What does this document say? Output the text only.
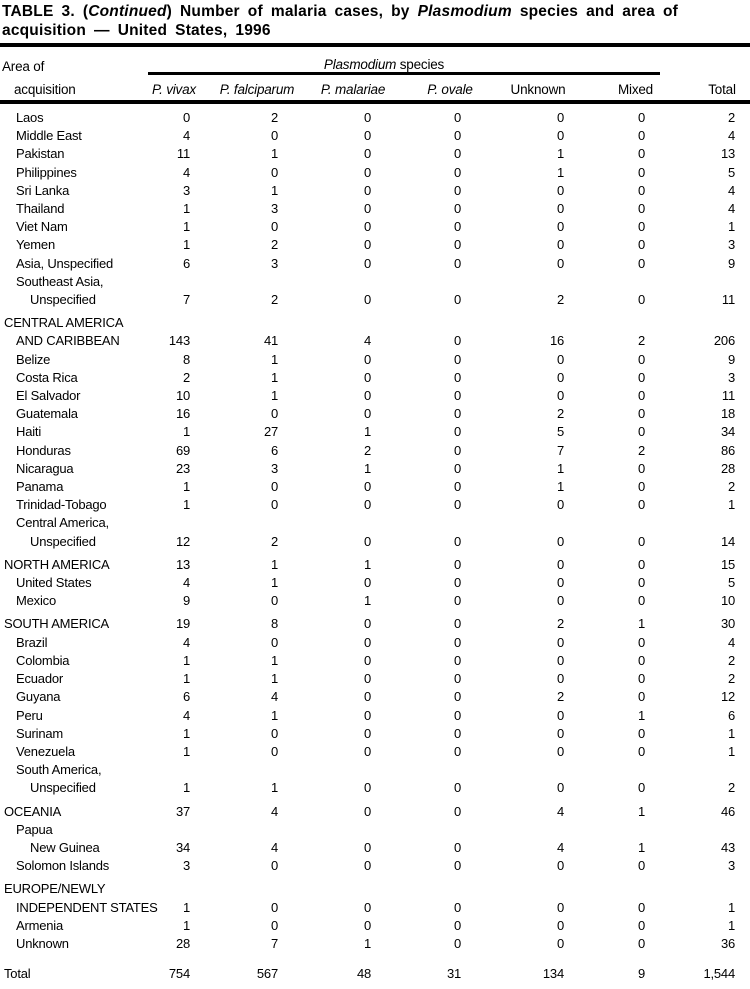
TABLE 3. (Continued) Number of malaria cases, by Plasmodium species and area of
acquisition — United States, 1996
Area of	Plasmodium species						
acquisition	P. vivax	P. falciparum	P. malariae	P. ovale	Unknown	Mixed	Total
Laos	0	2	0	0	0	0	2
Middle East	4	0	0	0	0	0	4
Pakistan	11	1	0	0	1	0	13
Philippines	4	0	0	0	1	0	5
Sri Lanka	3	1	0	0	0	0	4
Thailand	1	3	0	0	0	0	4
Viet Nam	1	0	0	0	0	0	1
Yemen	1	2	0	0	0	0	3
Asia, Unspecified	6	3	0	0	0	0	9
Southeast Asia,							
Unspecified	7	2	0	0	2	0	11
CENTRAL AMERICA							
AND CARIBBEAN	143	41	4	0	16	2	206
Belize	8	1	0	0	0	0	9
Costa Rica	2	1	0	0	0	0	3
El Salvador	10	1	0	0	0	0	11
Guatemala	16	0	0	0	2	0	18
Haiti	1	27	1	0	5	0	34
Honduras	69	6	2	0	7	2	86
Nicaragua	23	3	1	0	1	0	28
Panama	1	0	0	0	1	0	2
Trinidad-Tobago	1	0	0	0	0	0	1
Central America,							
Unspecified	12	2	0	0	0	0	14
NORTH AMERICA	13	1	1	0	0	0	15
United States	4	1	0	0	0	0	5
Mexico	9	0	1	0	0	0	10
SOUTH AMERICA	19	8	0	0	2	1	30
Brazil	4	0	0	0	0	0	4
Colombia	1	1	0	0	0	0	2
Ecuador	1	1	0	0	0	0	2
Guyana	6	4	0	0	2	0	12
Peru	4	1	0	0	0	1	6
Surinam	1	0	0	0	0	0	1
Venezuela	1	0	0	0	0	0	1
South America,							
Unspecified	1	1	0	0	0	0	2
OCEANIA	37	4	0	0	4	1	46
Papua							
New Guinea	34	4	0	0	4	1	43
Solomon Islands	3	0	0	0	0	0	3
EUROPE/NEWLY							
INDEPENDENT STATES	1	0	0	0	0	0	1
Armenia	1	0	0	0	0	0	1
Unknown	28	7	1	0	0	0	36
Total	754	567	48	31	134	9	1,544
